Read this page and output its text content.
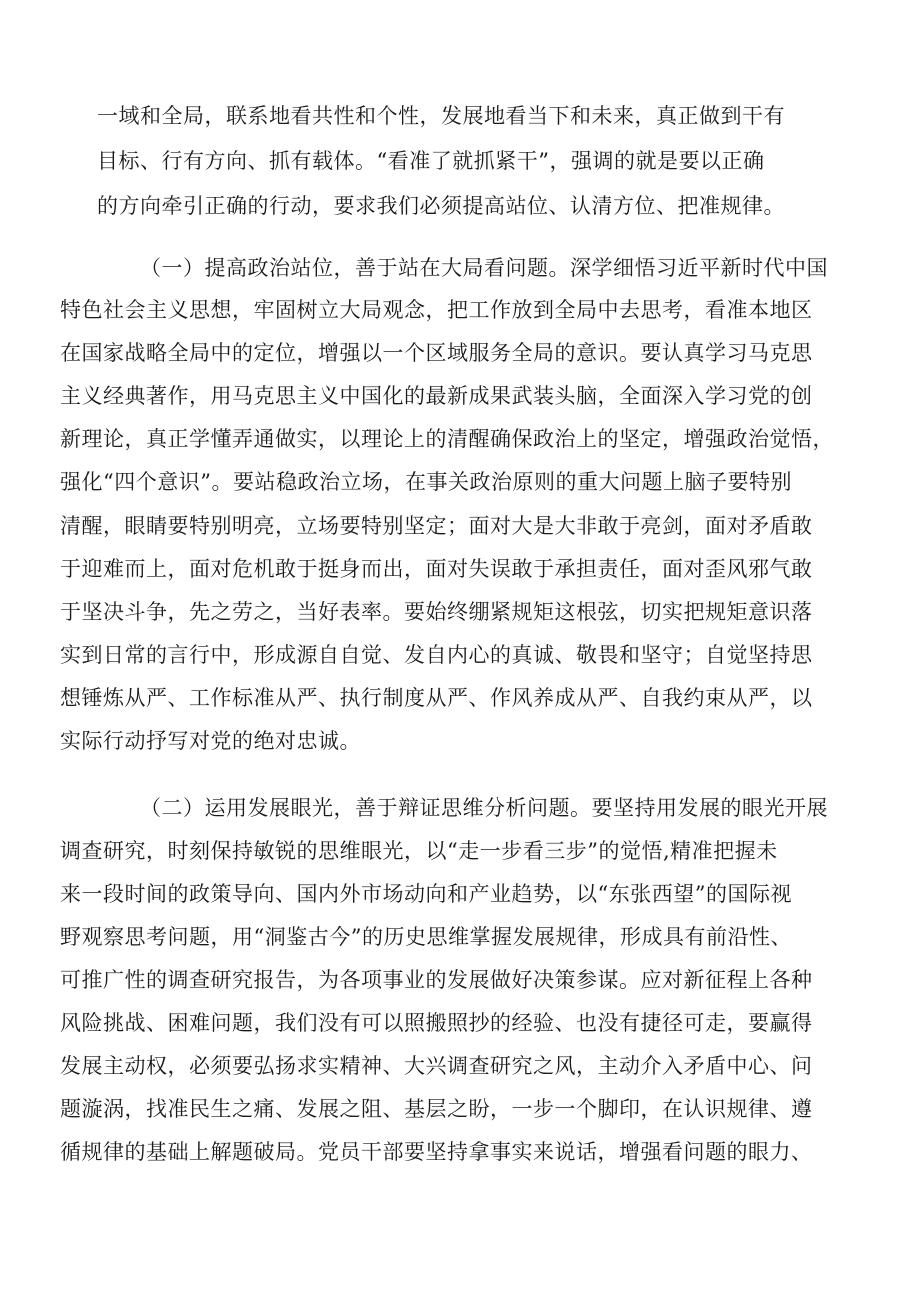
一域和全局，联系地看共性和个性，发展地看当下和未来，真正做到干有
目标、行有方向、抓有载体。“看准了就抓紧干”，强调的就是要以正确
的方向牵引正确的行动，要求我们必须提高站位、认清方位、把准规律。
（一）提高政治站位，善于站在大局看问题。深学细悟习近平新时代中国
特色社会主义思想，牢固树立大局观念，把工作放到全局中去思考，看准本地区
在国家战略全局中的定位，增强以一个区域服务全局的意识。要认真学习马克思
主义经典著作，用马克思主义中国化的最新成果武装头脑，全面深入学习党的创
新理论，真正学懂弄通做实，以理论上的清醒确保政治上的坚定，增强政治觉悟，
强化“四个意识”。要站稳政治立场，在事关政治原则的重大问题上脑子要特别
清醒，眼睛要特别明亮，立场要特别坚定；面对大是大非敢于亮剑，面对矛盾敢
于迎难而上，面对危机敢于挺身而出，面对失误敢于承担责任，面对歪风邪气敢
于坚决斗争，先之劳之，当好表率。要始终绷紧规矩这根弦，切实把规矩意识落
实到日常的言行中，形成源自自觉、发自内心的真诚、敬畏和坚守；自觉坚持思
想锤炼从严、工作标准从严、执行制度从严、作风养成从严、自我约束从严，以
实际行动抒写对党的绝对忠诚。
（二）运用发展眼光，善于辩证思维分析问题。要坚持用发展的眼光开展
调查研究，时刻保持敏锐的思维眼光，以“走一步看三步”的觉悟,精准把握未
来一段时间的政策导向、国内外市场动向和产业趋势，以“东张西望”的国际视
野观察思考问题，用“洞鉴古今”的历史思维掌握发展规律，形成具有前沿性、
可推广性的调查研究报告，为各项事业的发展做好决策参谋。应对新征程上各种
风险挑战、困难问题，我们没有可以照搬照抄的经验、也没有捷径可走，要赢得
发展主动权，必须要弘扬求实精神、大兴调查研究之风，主动介入矛盾中心、问
题漩涡，找准民生之痛、发展之阻、基层之盼，一步一个脚印，在认识规律、遵
循规律的基础上解题破局。党员干部要坚持拿事实来说话，增强看问题的眼力、
